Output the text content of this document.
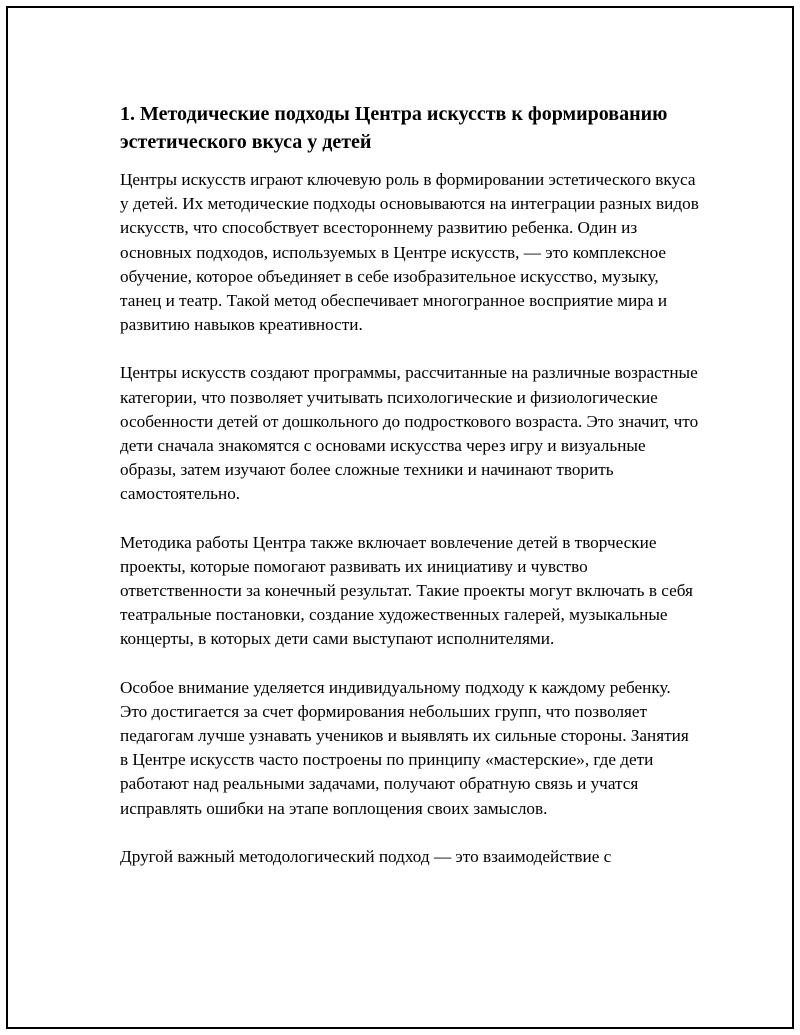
1. Методические подходы Центра искусств к формированию эстетического вкуса у детей

Центры искусств играют ключевую роль в формировании эстетического вкуса у детей. Их методические подходы основываются на интеграции разных видов искусств, что способствует всестороннему развитию ребенка. Один из основных подходов, используемых в Центре искусств, — это комплексное обучение, которое объединяет в себе изобразительное искусство, музыку, танец и театр. Такой метод обеспечивает многогранное восприятие мира и развитию навыков креативности.

Центры искусств создают программы, рассчитанные на различные возрастные категории, что позволяет учитывать психологические и физиологические особенности детей от дошкольного до подросткового возраста. Это значит, что дети сначала знакомятся с основами искусства через игру и визуальные образы, затем изучают более сложные техники и начинают творить самостоятельно.

Методика работы Центра также включает вовлечение детей в творческие проекты, которые помогают развивать их инициативу и чувство ответственности за конечный результат. Такие проекты могут включать в себя театральные постановки, создание художественных галерей, музыкальные концерты, в которых дети сами выступают исполнителями.

Особое внимание уделяется индивидуальному подходу к каждому ребенку. Это достигается за счет формирования небольших групп, что позволяет педагогам лучше узнавать учеников и выявлять их сильные стороны. Занятия в Центре искусств часто построены по принципу «мастерские», где дети работают над реальными задачами, получают обратную связь и учатся исправлять ошибки на этапе воплощения своих замыслов.

Другой важный методологический подход — это взаимодействие с
